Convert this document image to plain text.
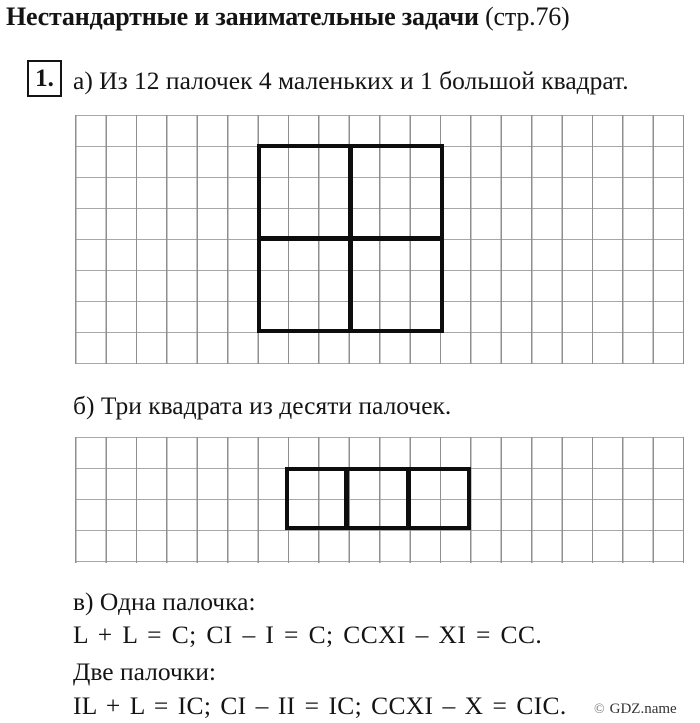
Нестандартные и занимательные задачи (стр.76)
1. а) Из 12 палочек 4 маленьких и 1 большой квадрат.
б) Три квадрата из десяти палочек.
в) Одна палочка:
L + L = C; CI – I = C; CCXI – XI = CC.
Две палочки:
IL + L = IC; CI – II = IC; CCXI – X = CIC. © GDZ.name
